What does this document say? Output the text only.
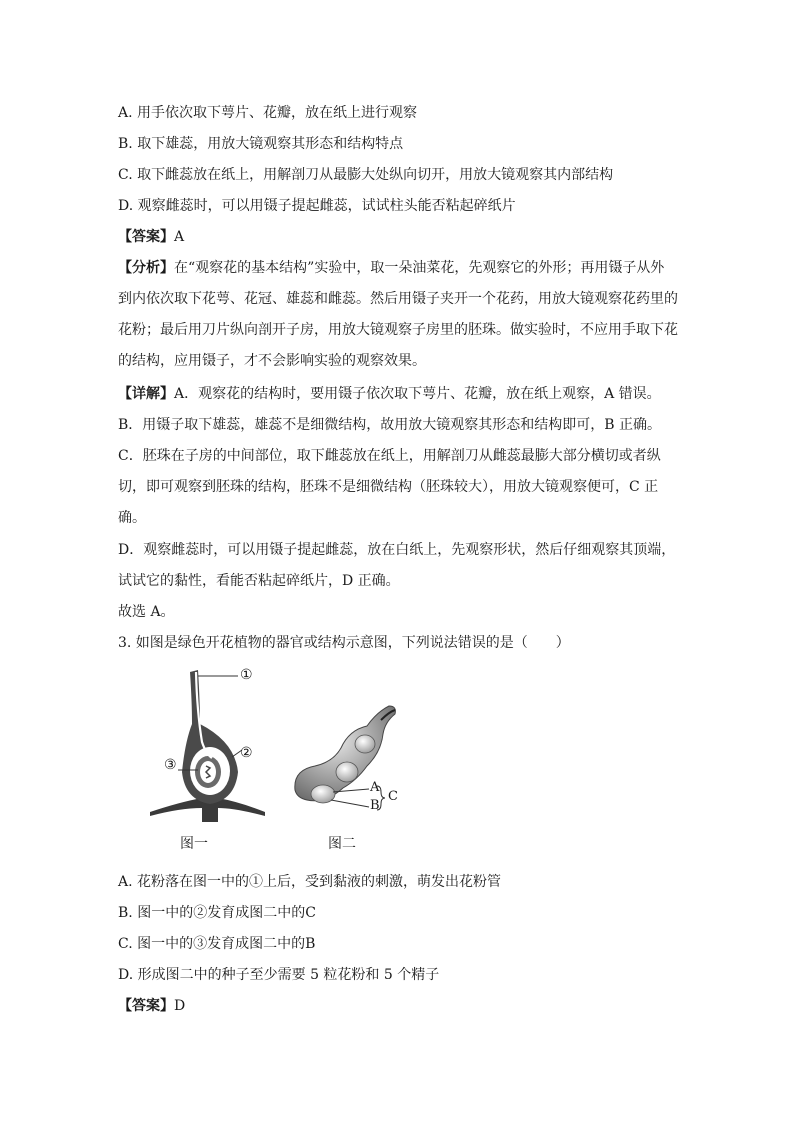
A. 用手依次取下萼片、花瓣，放在纸上进行观察
B. 取下雄蕊，用放大镜观察其形态和结构特点
C. 取下雌蕊放在纸上，用解剖刀从最膨大处纵向切开，用放大镜观察其内部结构
D. 观察雌蕊时，可以用镊子提起雌蕊，试试柱头能否粘起碎纸片
【答案】A
【分析】在“观察花的基本结构”实验中，取一朵油菜花，先观察它的外形；再用镊子从外到内依次取下花萼、花冠、雄蕊和雌蕊。然后用镊子夹开一个花药，用放大镜观察花药里的花粉；最后用刀片纵向剖开子房，用放大镜观察子房里的胚珠。做实验时，不应用手取下花的结构，应用镊子，才不会影响实验的观察效果。
【详解】A．观察花的结构时，要用镊子依次取下萼片、花瓣，放在纸上观察，A 错误。
B．用镊子取下雄蕊，雄蕊不是细微结构，故用放大镜观察其形态和结构即可，B 正确。
C．胚珠在子房的中间部位，取下雌蕊放在纸上，用解剖刀从雌蕊最膨大部分横切或者纵切，即可观察到胚珠的结构，胚珠不是细微结构（胚珠较大），用放大镜观察便可，C 正确。
D．观察雌蕊时，可以用镊子提起雌蕊，放在白纸上，先观察形状，然后仔细观察其顶端，试试它的黏性，看能否粘起碎纸片，D 正确。
故选 A。
3. 如图是绿色开花植物的器官或结构示意图，下列说法错误的是（　　）
①
②
③
图一
A
B
C
图二
A. 花粉落在图一中的①上后，受到黏液的刺激，萌发出花粉管
B. 图一中的②发育成图二中的C
C. 图一中的③发育成图二中的B
D. 形成图二中的种子至少需要 5 粒花粉和 5 个精子
【答案】D
